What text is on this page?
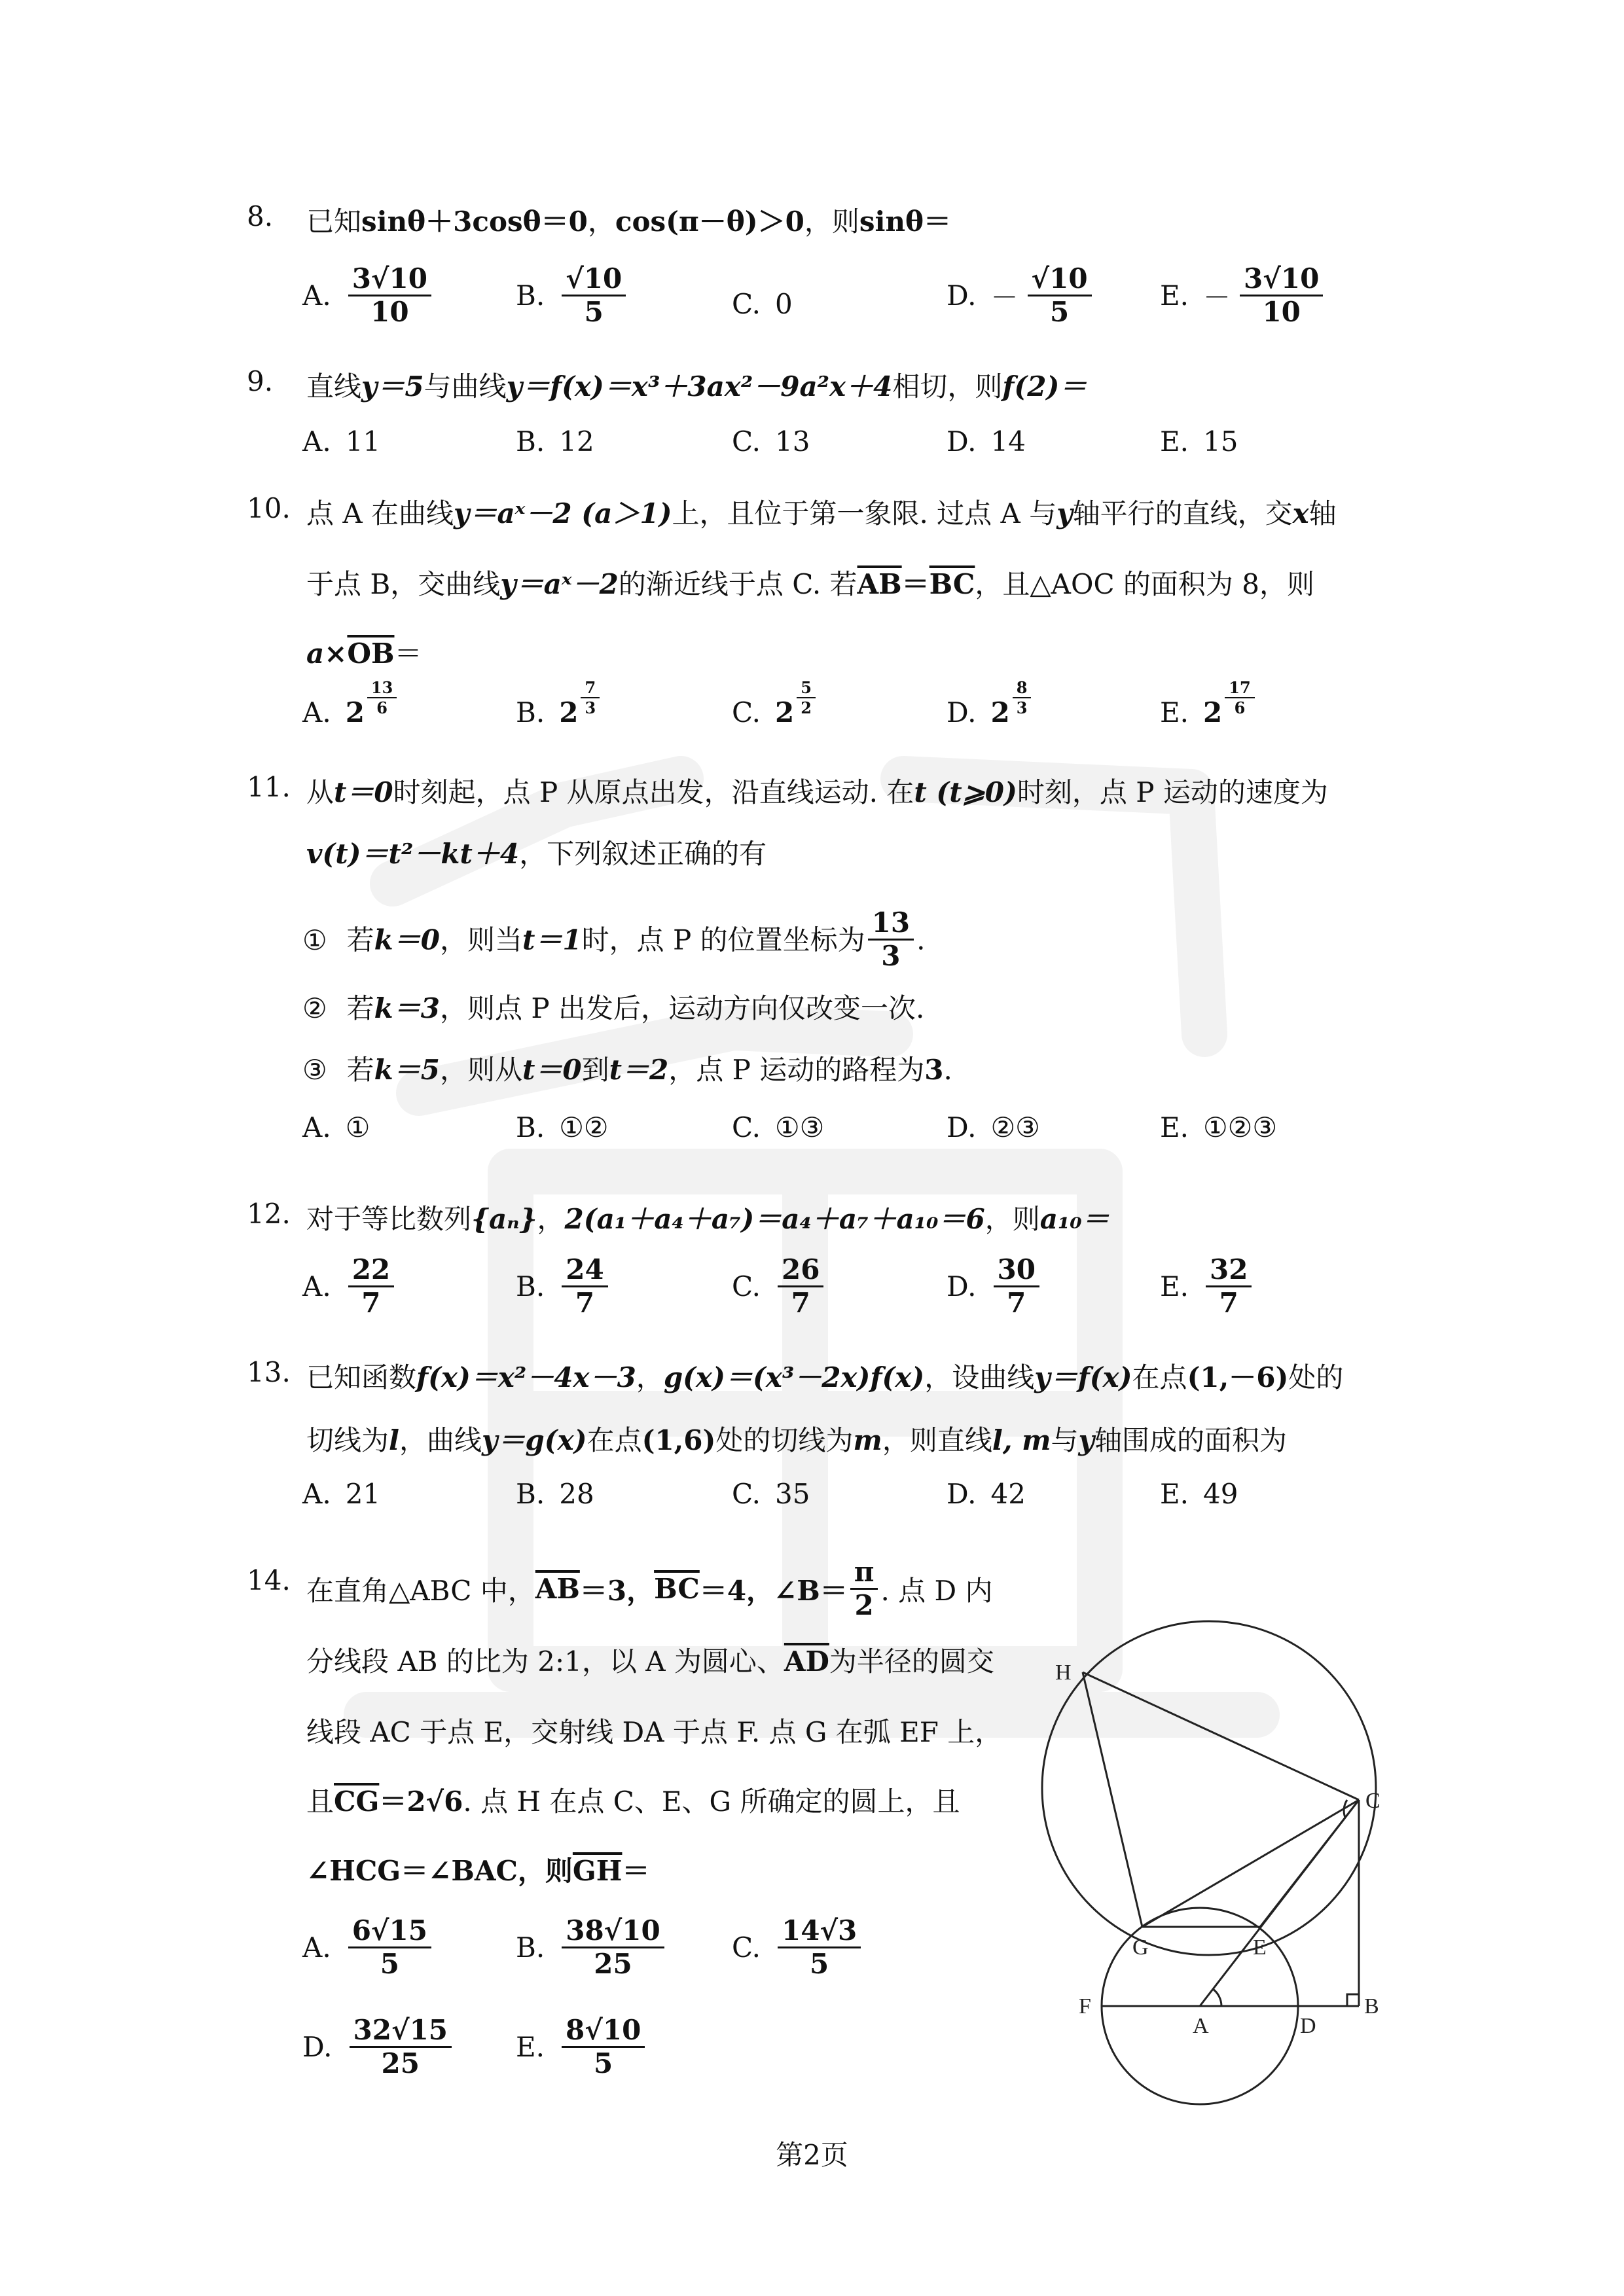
8. 已知sinθ＋3cosθ＝0，cos(π－θ)＞0，则sinθ＝
A. $\frac{3√10}{10}$	B. $\frac{√10}{5}$	C. 0	D. － $\frac{√10}{5} E$. － $\frac{3√10}{10}$
9. 直线y＝5与曲线y＝f(x)＝x³＋3ax²－9a²x＋4相切，则f(2)＝
A. 11	B. 12	C. 13	D. 14	E. 15
10. 点 A 在曲线y＝aˣ－2 (a＞1)上，且位于第一象限. 过点 A 与y轴平行的直线，交x轴
于点 B，交曲线y＝aˣ－2的渐近线于点 C. 若$\overline{AB}=\overline{BC}$，且△AOC 的面积为 8，则
$a\times\overline{OB}=$
A. $2 \frac{13}{6}$	B. $2 \frac{7}{3}$	C. $2 \frac{5}{2}$	D. $2 \frac{8}{3}$	E. $2 \frac{17}{6}$
11. 从t＝0时刻起，点 P 从原点出发，沿直线运动. 在t (t⩾0)时刻，点 P 运动的速度为
v(t)＝t²－kt＋4，下列叙述正确的有
① 若k＝0，则当t＝1时，点 P 的位置坐标为 $\frac{13}{3}$ .
② 若k＝3，则点 P 出发后，运动方向仅改变一次.
③ 若k＝5，则从t＝0到t＝2，点 P 运动的路程为3.
A. ①	B. ①②	C. ①③	D. ②③	E. ①②③
12. 对于等比数列{aₙ}，2(a₁＋a₄＋a₇)＝a₄＋a₇＋a₁₀＝6，则a₁₀＝
A. $\frac{22}{7}$	B. $\frac{24}{7}$	C. $\frac{26}{7}$	D. $\frac{30}{7}$	E. $\frac{32}{7}$
13. 已知函数f(x)＝x²－4x－3，g(x)＝(x³－2x)f(x)，设曲线y＝f(x)在点(1,－6)处的
切线为l，曲线y＝g(x)在点(1,6)处的切线为m，则直线l, m与y轴围成的面积为
A. 21	B. 28	C. 35	D. 42	E. 49
14. 在直角△ABC 中， $\overline{AB} =3$， $\overline{BC} =4$，∠B＝ $\frac{\pi}{2}$ . 点 D 内
分线段 AB 的比为 2:1，以 A 为圆心、$\overline{AD}$为半径的圆交
线段 AC 于点 E，交射线 DA 于点 F. 点 G 在弧 EF 上，
且$\overline{CG}=2√6$. 点 H 在点 C、E、G 所确定的圆上，且
∠HCG＝∠BAC，则$\overline{GH}=$
A. $\frac{6√15}{5}$	B. $\frac{38√10}{25} C$. $\frac{14√3}{5}$
D. $\frac{32√15}{25} E$. $\frac{8√10}{5}$
H
C
G	E
F
A	D
B
第2页
